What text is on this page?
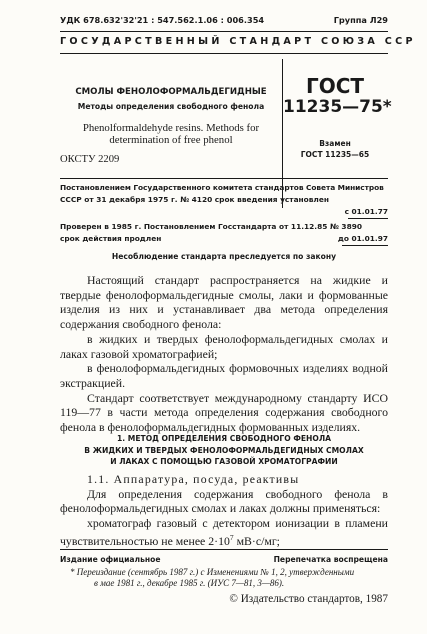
УДК 678.632'32'21 : 547.562.1.06 : 006.354	Группа Л29
ГОСУДАРСТВЕННЫЙ СТАНДАРТ СОЮЗА ССР
СМОЛЫ ФЕНОЛОФОРМАЛЬДЕГИДНЫЕ
Методы определения свободного фенола
Phenolformaldehyde resins. Methods for
determination of free phenol
ОКСТУ 2209
ГОСТ
11235—75*
Взамен
ГОСТ 11235—65
Постановлением Государственного комитета стандартов Совета Министров
СССР от 31 декабря 1975 г. № 4120 срок введения установлен
с 01.01.77
Проверен в 1985 г. Постановлением Госстандарта от 11.12.85 № 3890
срок действия продлен	до 01.01.97
Несоблюдение стандарта преследуется по закону

Настоящий стандарт распространяется на жидкие и твердые фенолоформальдегидные смолы, лаки и формованные изделия из них и устанавливает два метода определения содержания свободного фенола:

в жидких и твердых фенолоформальдегидных смолах и лаках газовой хроматографией;

в фенолоформальдегидных формовочных изделиях водной экстракцией.

Стандарт соответствует международному стандарту ИСО 119—77 в части метода определения содержания свободного фенола в фенолоформальдегидных формованных изделиях.

1. МЕТОД ОПРЕДЕЛЕНИЯ СВОБОДНОГО ФЕНОЛА
В ЖИДКИХ И ТВЕРДЫХ ФЕНОЛОФОРМАЛЬДЕГИДНЫХ СМОЛАХ
И ЛАКАХ С ПОМОЩЬЮ ГАЗОВОЙ ХРОМАТОГРАФИИ

1.1. Аппаратура, посуда, реактивы

Для определения содержания свободного фенола в фенолоформальдегидных смолах и лаках должны применяться:

хроматограф газовый с детектором ионизации в пламени чувствительностью не менее $2\cdot 10^7$ мВ·с/мг;

Издание официальное	Перепечатка воспрещена
* Переиздание (сентябрь 1987 г.) с Изменениями № 1, 2, утвержденными
в мае 1981 г., декабре 1985 г. (ИУС 7—81, 3—86).
© Издательство стандартов, 1987
